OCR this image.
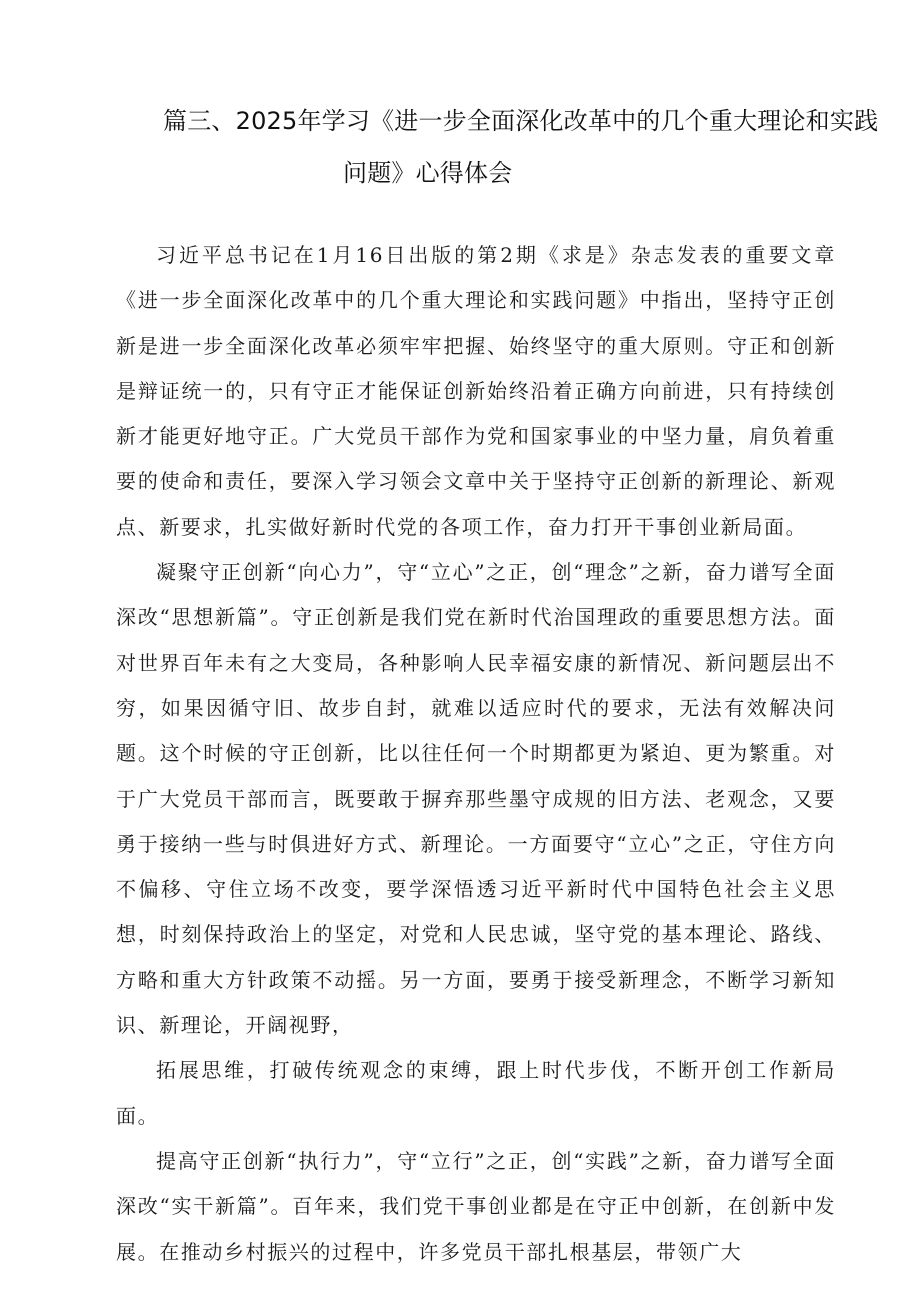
篇三、2025年学习《进一步全面深化改革中的几个重大理论和实践
问题》心得体会

习近平总书记在1月16日出版的第2期《求是》杂志发表的重要文章《进一步全面深化改革中的几个重大理论和实践问题》中指出，坚持守正创新是进一步全面深化改革必须牢牢把握、始终坚守的重大原则。守正和创新是辩证统一的，只有守正才能保证创新始终沿着正确方向前进，只有持续创新才能更好地守正。广大党员干部作为党和国家事业的中坚力量，肩负着重要的使命和责任，要深入学习领会文章中关于坚持守正创新的新理论、新观点、新要求，扎实做好新时代党的各项工作，奋力打开干事创业新局面。

凝聚守正创新“向心力”，守“立心”之正，创“理念”之新，奋力谱写全面深改“思想新篇”。守正创新是我们党在新时代治国理政的重要思想方法。面对世界百年未有之大变局，各种影响人民幸福安康的新情况、新问题层出不穷，如果因循守旧、故步自封，就难以适应时代的要求，无法有效解决问题。这个时候的守正创新，比以往任何一个时期都更为紧迫、更为繁重。对于广大党员干部而言，既要敢于摒弃那些墨守成规的旧方法、老观念，又要勇于接纳一些与时俱进好方式、新理论。一方面要守“立心”之正，守住方向不偏移、守住立场不改变，要学深悟透习近平新时代中国特色社会主义思想，时刻保持政治上的坚定，对党和人民忠诚，坚守党的基本理论、路线、方略和重大方针政策不动摇。另一方面，要勇于接受新理念，不断学习新知识、新理论，开阔视野，

拓展思维，打破传统观念的束缚，跟上时代步伐，不断开创工作新局面。

提高守正创新“执行力”，守“立行”之正，创“实践”之新，奋力谱写全面深改“实干新篇”。百年来，我们党干事创业都是在守正中创新，在创新中发展。在推动乡村振兴的过程中，许多党员干部扎根基层，带领广大
